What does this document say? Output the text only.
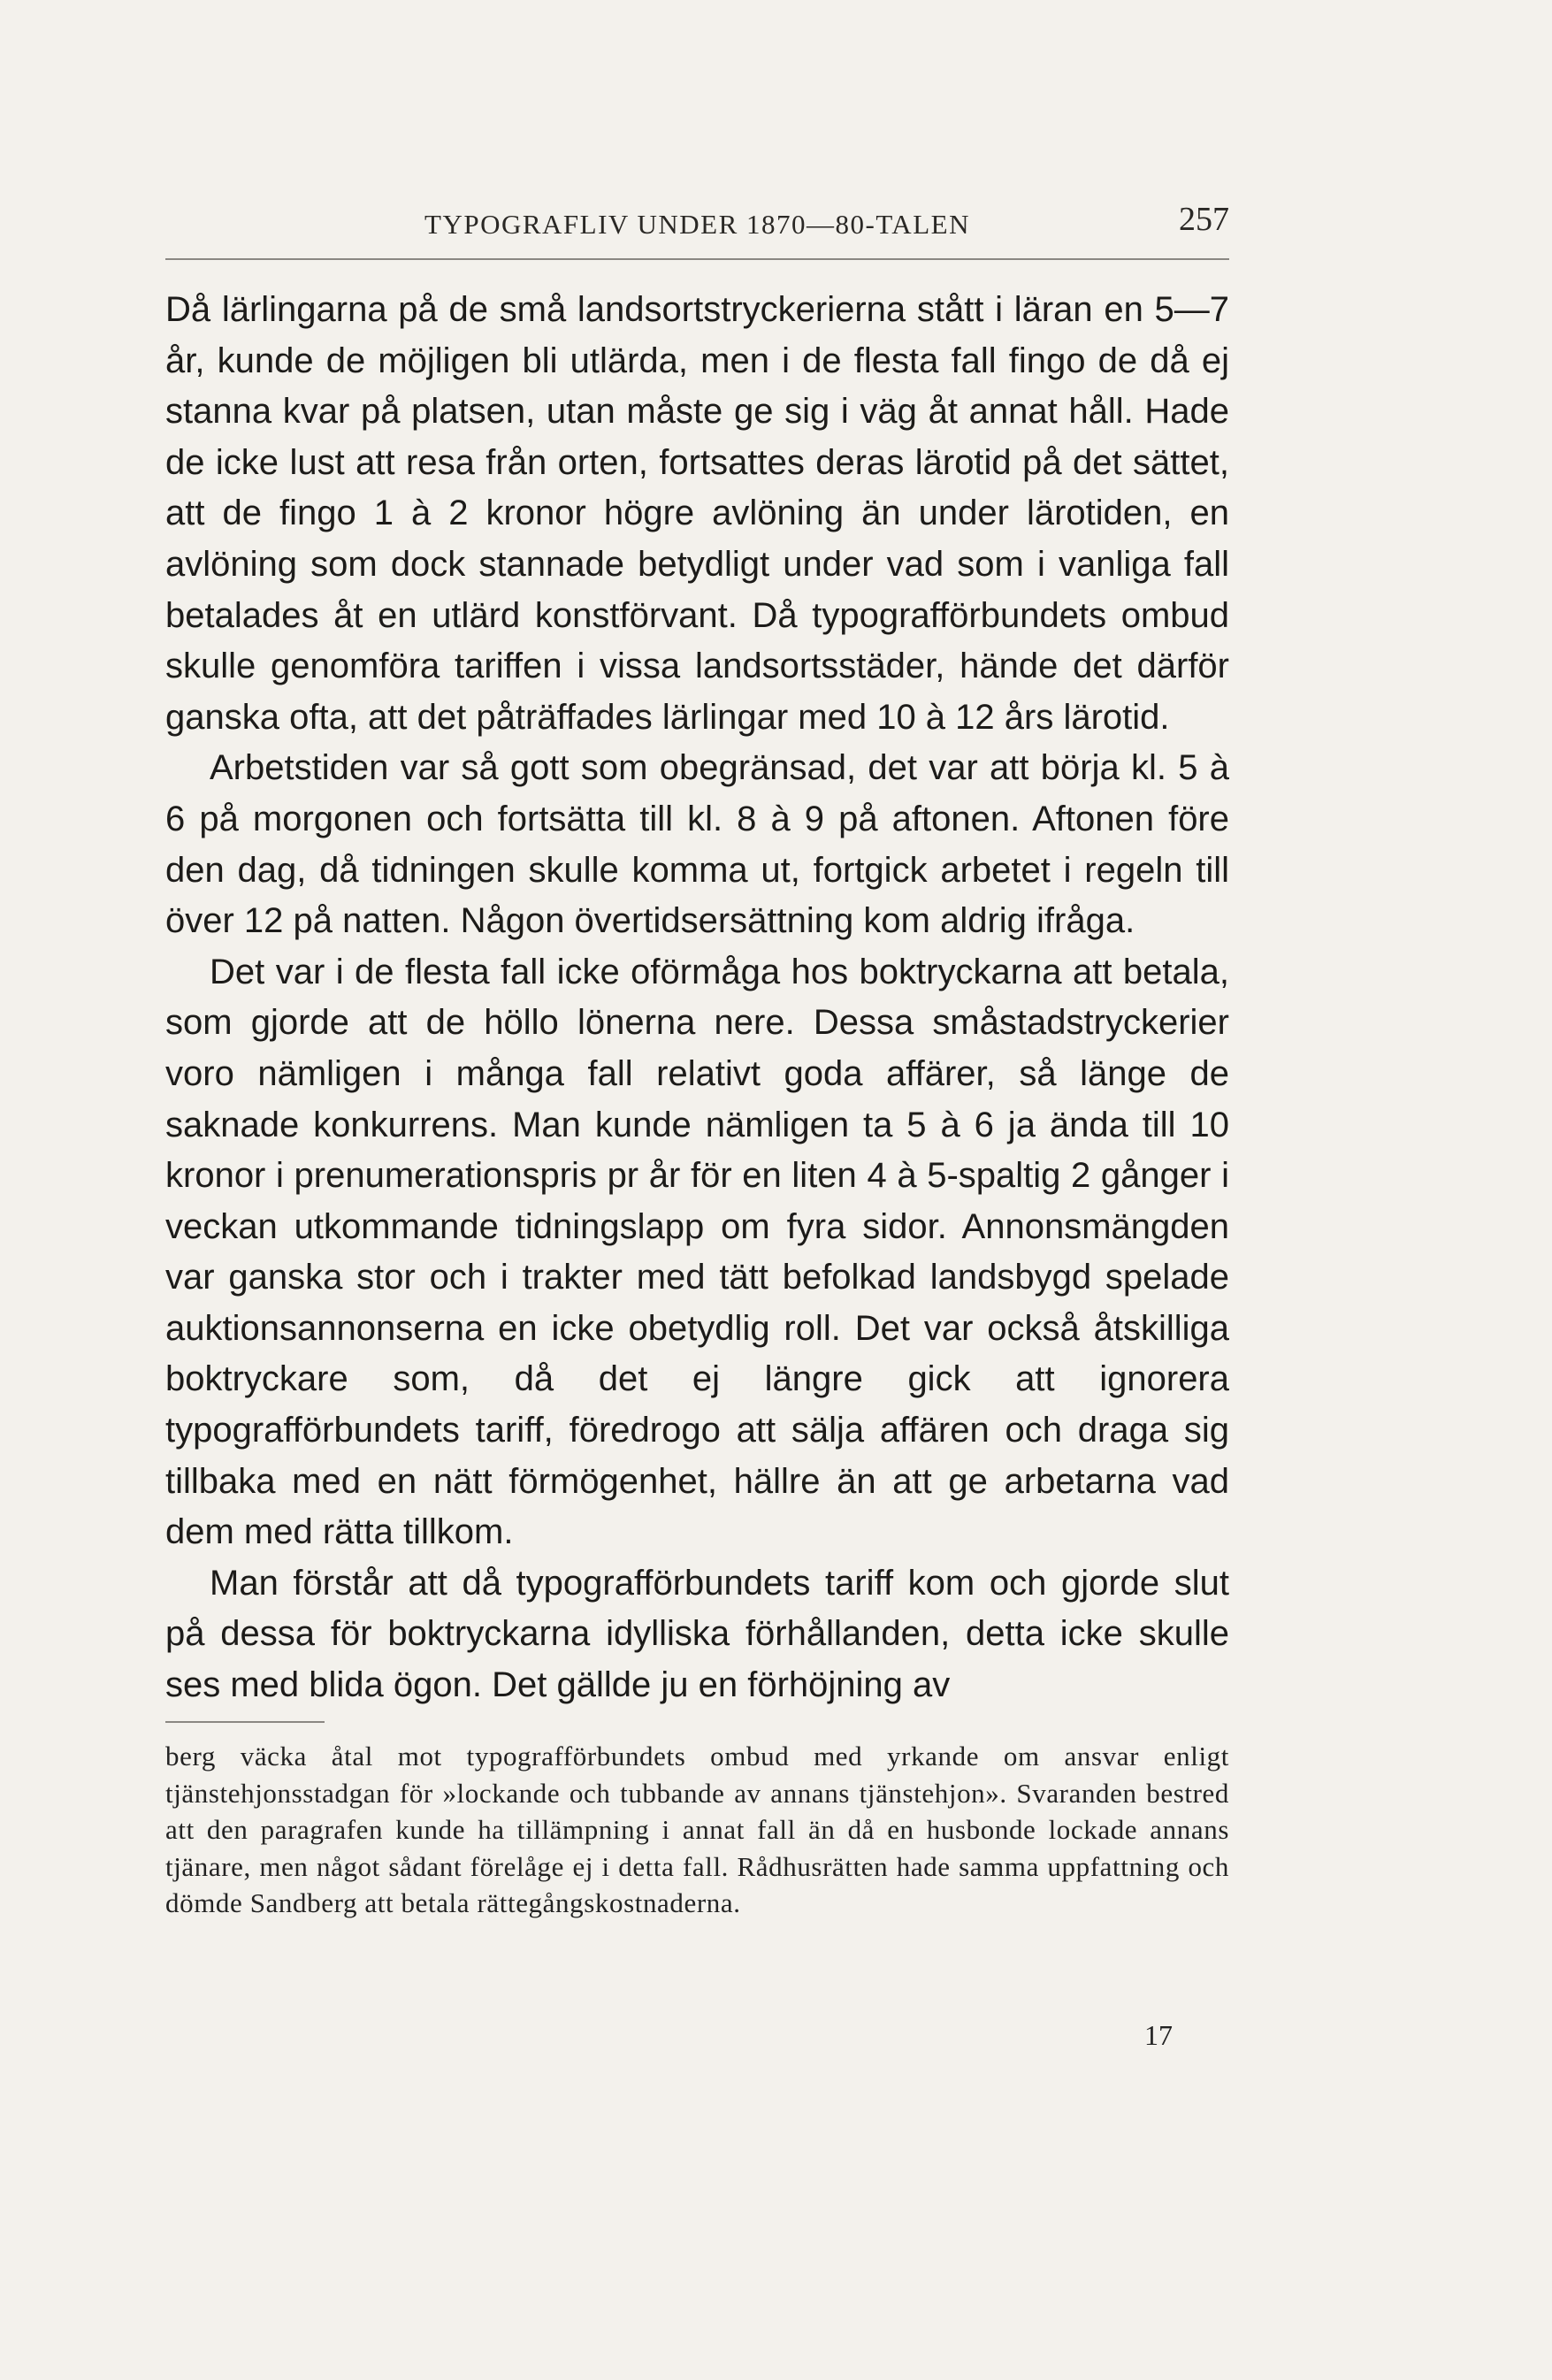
TYPOGRAFLIV UNDER 1870—80-TALEN	257

Då lärlingarna på de små landsortstryckerierna stått i läran en 5—7 år, kunde de möjligen bli utlärda, men i de flesta fall fingo de då ej stanna kvar på platsen, utan måste ge sig i väg åt annat håll. Hade de icke lust att resa från orten, fortsattes deras lärotid på det sättet, att de fingo 1 à 2 kronor högre avlöning än under lärotiden, en avlöning som dock stannade betydligt under vad som i vanliga fall betalades åt en utlärd konstförvant. Då typografförbundets ombud skulle genomföra tariffen i vissa landsortsstäder, hände det därför ganska ofta, att det påträffades lärlingar med 10 à 12 års lärotid.

Arbetstiden var så gott som obegränsad, det var att börja kl. 5 à 6 på morgonen och fortsätta till kl. 8 à 9 på aftonen. Aftonen före den dag, då tidningen skulle komma ut, fortgick arbetet i regeln till över 12 på natten. Någon övertidsersättning kom aldrig ifråga.

Det var i de flesta fall icke oförmåga hos boktryckarna att betala, som gjorde att de höllo lönerna nere. Dessa småstadstryckerier voro nämligen i många fall relativt goda affärer, så länge de saknade konkurrens. Man kunde nämligen ta 5 à 6 ja ända till 10 kronor i prenumerationspris pr år för en liten 4 à 5-spaltig 2 gånger i veckan utkommande tidningslapp om fyra sidor. Annonsmängden var ganska stor och i trakter med tätt befolkad landsbygd spelade auktionsannonserna en icke obetydlig roll. Det var också åtskilliga boktryckare som, då det ej längre gick att ignorera typografförbundets tariff, föredrogo att sälja affären och draga sig tillbaka med en nätt förmögenhet, hällre än att ge arbetarna vad dem med rätta tillkom.

Man förstår att då typografförbundets tariff kom och gjorde slut på dessa för boktryckarna idylliska förhållanden, detta icke skulle ses med blida ögon. Det gällde ju en förhöjning av

berg väcka åtal mot typografförbundets ombud med yrkande om ansvar enligt tjänstehjonsstadgan för »lockande och tubbande av annans tjänstehjon». Svaranden bestred att den paragrafen kunde ha tillämpning i annat fall än då en husbonde lockade annans tjänare, men något sådant förelåge ej i detta fall. Rådhusrätten hade samma uppfattning och dömde Sandberg att betala rättegångskostnaderna.
17
